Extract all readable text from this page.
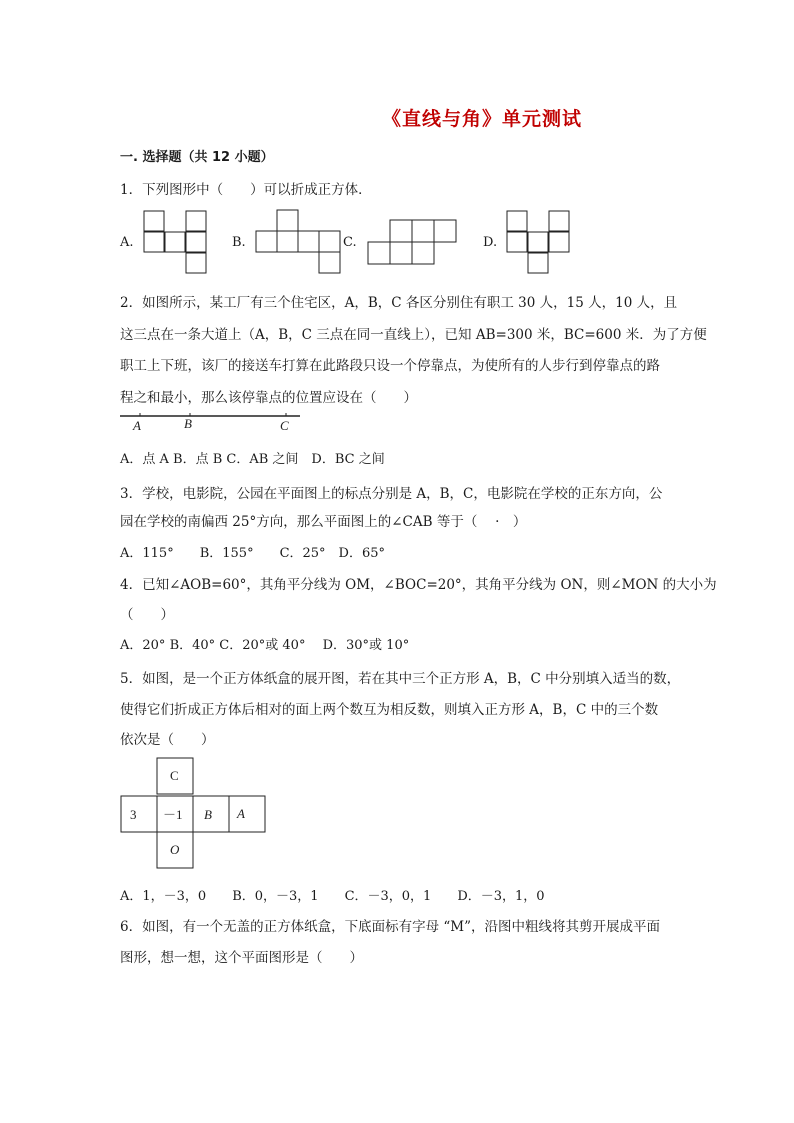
《直线与角》单元测试
一. 选择题（共 12 小题）
1．下列图形中（　　）可以折成正方体．
A.	B.	C.	D.
2．如图所示，某工厂有三个住宅区，A，B，C 各区分别住有职工 30 人，15 人，10 人，且
这三点在一条大道上（A，B，C 三点在同一直线上），已知 AB=300 米，BC=600 米．为了方便
职工上下班，该厂的接送车打算在此路段只设一个停靠点，为使所有的人步行到停靠点的路
程之和最小，那么该停靠点的位置应设在（　　）
A	B	C
A．点 A B．点 B C．AB 之间　D．BC 之间
3．学校，电影院，公园在平面图上的标点分别是 A，B，C，电影院在学校的正东方向，公
园在学校的南偏西 25°方向，那么平面图上的∠CAB 等于（　 ·　）
A．115°　　B．155°　　C．25°　D．65°
4．已知∠AOB=60°，其角平分线为 OM，∠BOC=20°，其角平分线为 ON，则∠MON 的大小为
（　　）
A．20° B．40° C．20°或 40°　 D．30°或 10°
5．如图，是一个正方体纸盒的展开图，若在其中三个正方形 A，B，C 中分别填入适当的数，
使得它们折成正方体后相对的面上两个数互为相反数，则填入正方形 A，B，C 中的三个数
依次是（　　）
C
3 －1 B A
O
A．1，－3，0　　B．0，－3，1　　C．－3，0，1　　D．－3，1，0
6．如图，有一个无盖的正方体纸盒，下底面标有字母 “M”，沿图中粗线将其剪开展成平面
图形，想一想，这个平面图形是（　　）
